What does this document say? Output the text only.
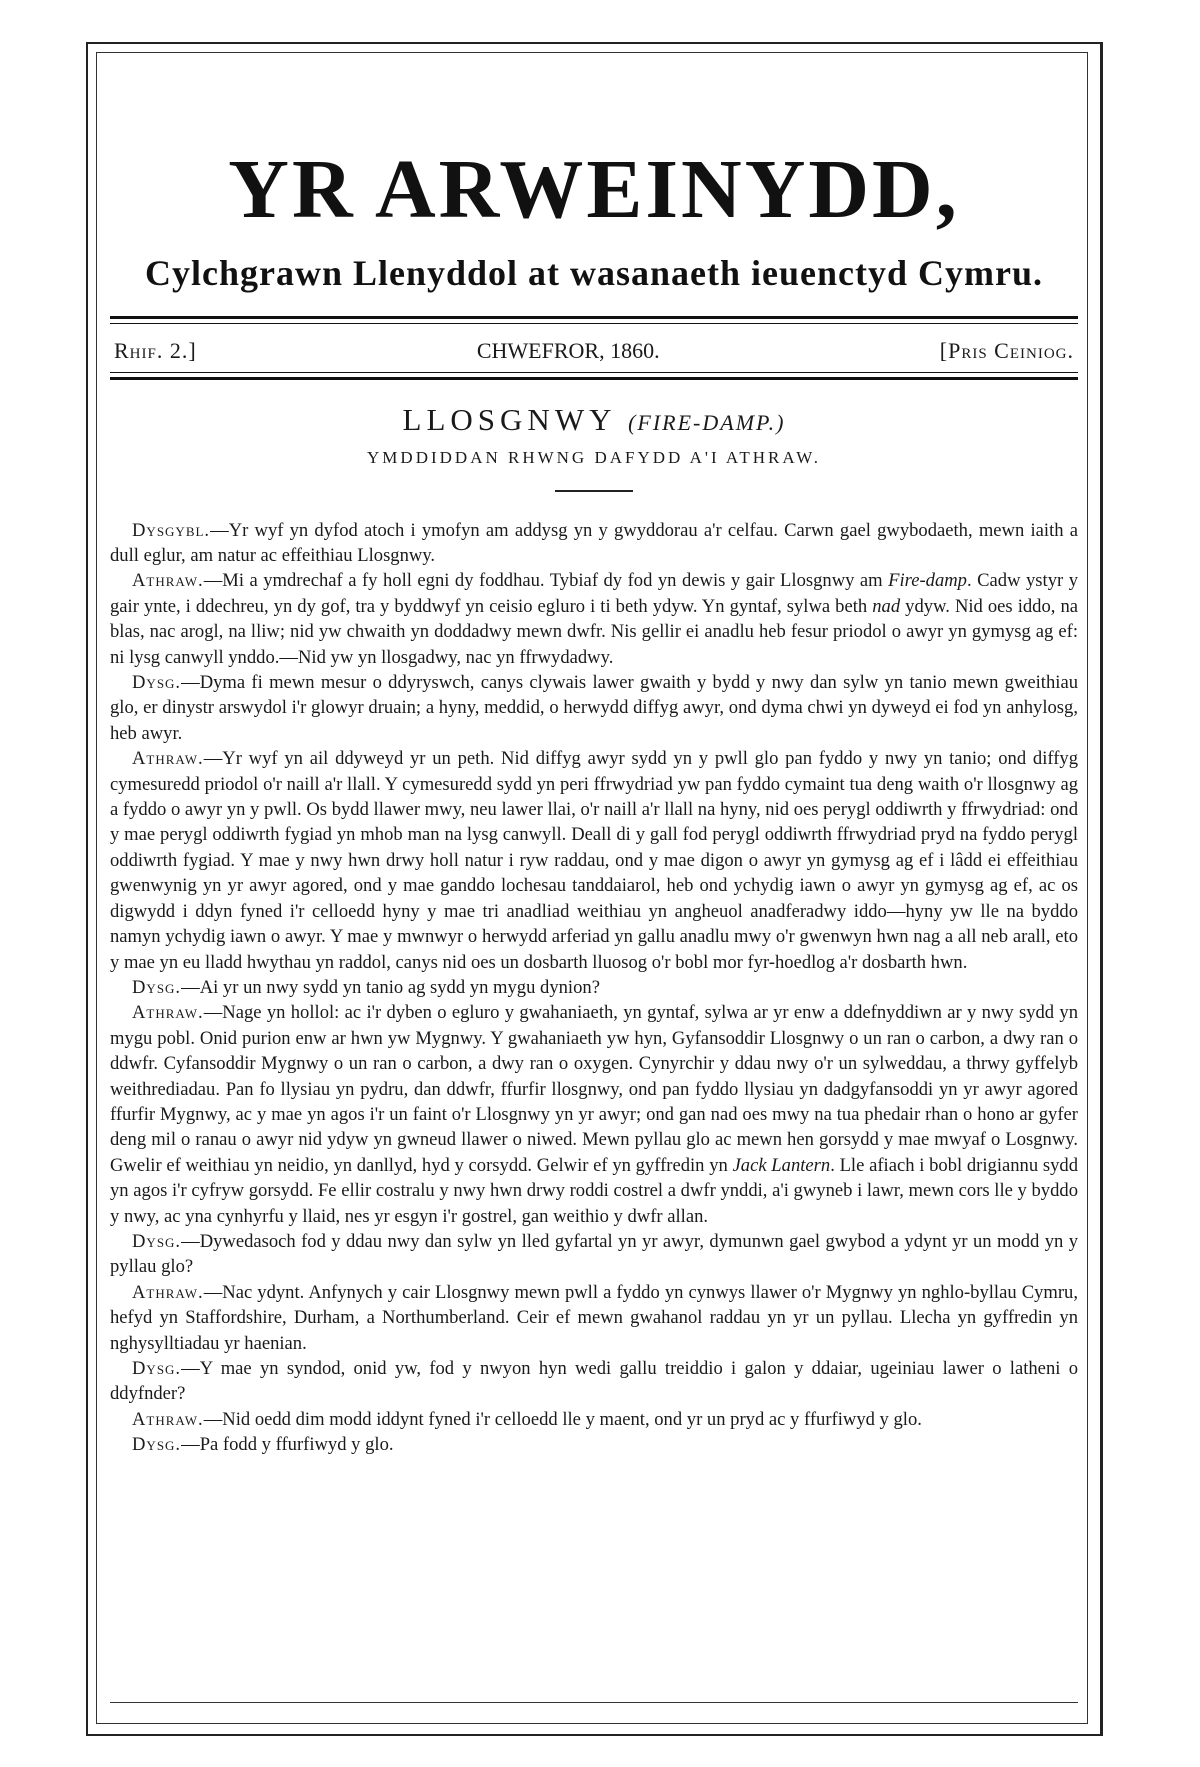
YR ARWEINYDD,
Cylchgrawn Llenyddol at wasanaeth ieuenctyd Cymru.
Rhif. 2.]	CHWEFROR, 1860.	[Pris Ceiniog.
LLOSGNWY (FIRE-DAMP.)
YMDDIDDAN RHWNG DAFYDD A'I ATHRAW.

Dysgybl.—Yr wyf yn dyfod atoch i ymofyn am addysg yn y gwyddorau a'r celfau. Carwn gael gwybodaeth, mewn iaith a dull eglur, am natur ac effeithiau Llosgnwy.

Athraw.—Mi a ymdrechaf a fy holl egni dy foddhau. Tybiaf dy fod yn dewis y gair Llosgnwy am Fire-damp. Cadw ystyr y gair ynte, i ddechreu, yn dy gof, tra y byddwyf yn ceisio egluro i ti beth ydyw. Yn gyntaf, sylwa beth nad ydyw. Nid oes iddo, na blas, nac arogl, na lliw; nid yw chwaith yn doddadwy mewn dwfr. Nis gellir ei anadlu heb fesur priodol o awyr yn gymysg ag ef: ni lysg canwyll ynddo.—Nid yw yn llosgadwy, nac yn ffrwydadwy.

Dysg.—Dyma fi mewn mesur o ddyryswch, canys clywais lawer gwaith y bydd y nwy dan sylw yn tanio mewn gweithiau glo, er dinystr arswydol i'r glowyr druain; a hyny, meddid, o herwydd diffyg awyr, ond dyma chwi yn dyweyd ei fod yn anhylosg, heb awyr.

Athraw.—Yr wyf yn ail ddyweyd yr un peth. Nid diffyg awyr sydd yn y pwll glo pan fyddo y nwy yn tanio; ond diffyg cymesuredd priodol o'r naill a'r llall. Y cymesuredd sydd yn peri ffrwydriad yw pan fyddo cymaint tua deng waith o'r llosgnwy ag a fyddo o awyr yn y pwll. Os bydd llawer mwy, neu lawer llai, o'r naill a'r llall na hyny, nid oes perygl oddiwrth y ffrwydriad: ond y mae perygl oddiwrth fygiad yn mhob man na lysg canwyll. Deall di y gall fod perygl oddiwrth ffrwydriad pryd na fyddo perygl oddiwrth fygiad. Y mae y nwy hwn drwy holl natur i ryw raddau, ond y mae digon o awyr yn gymysg ag ef i lâdd ei effeithiau gwenwynig yn yr awyr agored, ond y mae ganddo lochesau tanddaiarol, heb ond ychydig iawn o awyr yn gymysg ag ef, ac os digwydd i ddyn fyned i'r celloedd hyny y mae tri anadliad weithiau yn angheuol anadferadwy iddo—hyny yw lle na byddo namyn ychydig iawn o awyr. Y mae y mwnwyr o herwydd arferiad yn gallu anadlu mwy o'r gwenwyn hwn nag a all neb arall, eto y mae yn eu lladd hwythau yn raddol, canys nid oes un dosbarth lluosog o'r bobl mor fyr-hoedlog a'r dosbarth hwn.

Dysg.—Ai yr un nwy sydd yn tanio ag sydd yn mygu dynion?

Athraw.—Nage yn hollol: ac i'r dyben o egluro y gwahaniaeth, yn gyntaf, sylwa ar yr enw a ddefnyddiwn ar y nwy sydd yn mygu pobl. Onid purion enw ar hwn yw Mygnwy. Y gwahaniaeth yw hyn, Gyfansoddir Llosgnwy o un ran o carbon, a dwy ran o ddwfr. Cyfansoddir Mygnwy o un ran o carbon, a dwy ran o oxygen. Cynyrchir y ddau nwy o'r un sylweddau, a thrwy gyffelyb weithrediadau. Pan fo llysiau yn pydru, dan ddwfr, ffurfir llosgnwy, ond pan fyddo llysiau yn dadgyfansoddi yn yr awyr agored ffurfir Mygnwy, ac y mae yn agos i'r un faint o'r Llosgnwy yn yr awyr; ond gan nad oes mwy na tua phedair rhan o hono ar gyfer deng mil o ranau o awyr nid ydyw yn gwneud llawer o niwed. Mewn pyllau glo ac mewn hen gorsydd y mae mwyaf o Losgnwy. Gwelir ef weithiau yn neidio, yn danllyd, hyd y corsydd. Gelwir ef yn gyffredin yn Jack Lantern. Lle afiach i bobl drigiannu sydd yn agos i'r cyfryw gorsydd. Fe ellir costralu y nwy hwn drwy roddi costrel a dwfr ynddi, a'i gwyneb i lawr, mewn cors lle y byddo y nwy, ac yna cynhyrfu y llaid, nes yr esgyn i'r gostrel, gan weithio y dwfr allan.

Dysg.—Dywedasoch fod y ddau nwy dan sylw yn lled gyfartal yn yr awyr, dymunwn gael gwybod a ydynt yr un modd yn y pyllau glo?

Athraw.—Nac ydynt. Anfynych y cair Llosgnwy mewn pwll a fyddo yn cynwys llawer o'r Mygnwy yn nghlo-byllau Cymru, hefyd yn Staffordshire, Durham, a Northumberland. Ceir ef mewn gwahanol raddau yn yr un pyllau. Llecha yn gyffredin yn nghysylltiadau yr haenian.

Dysg.—Y mae yn syndod, onid yw, fod y nwyon hyn wedi gallu treiddio i galon y ddaiar, ugeiniau lawer o latheni o ddyfnder?

Athraw.—Nid oedd dim modd iddynt fyned i'r celloedd lle y maent, ond yr un pryd ac y ffurfiwyd y glo.

Dysg.—Pa fodd y ffurfiwyd y glo.
